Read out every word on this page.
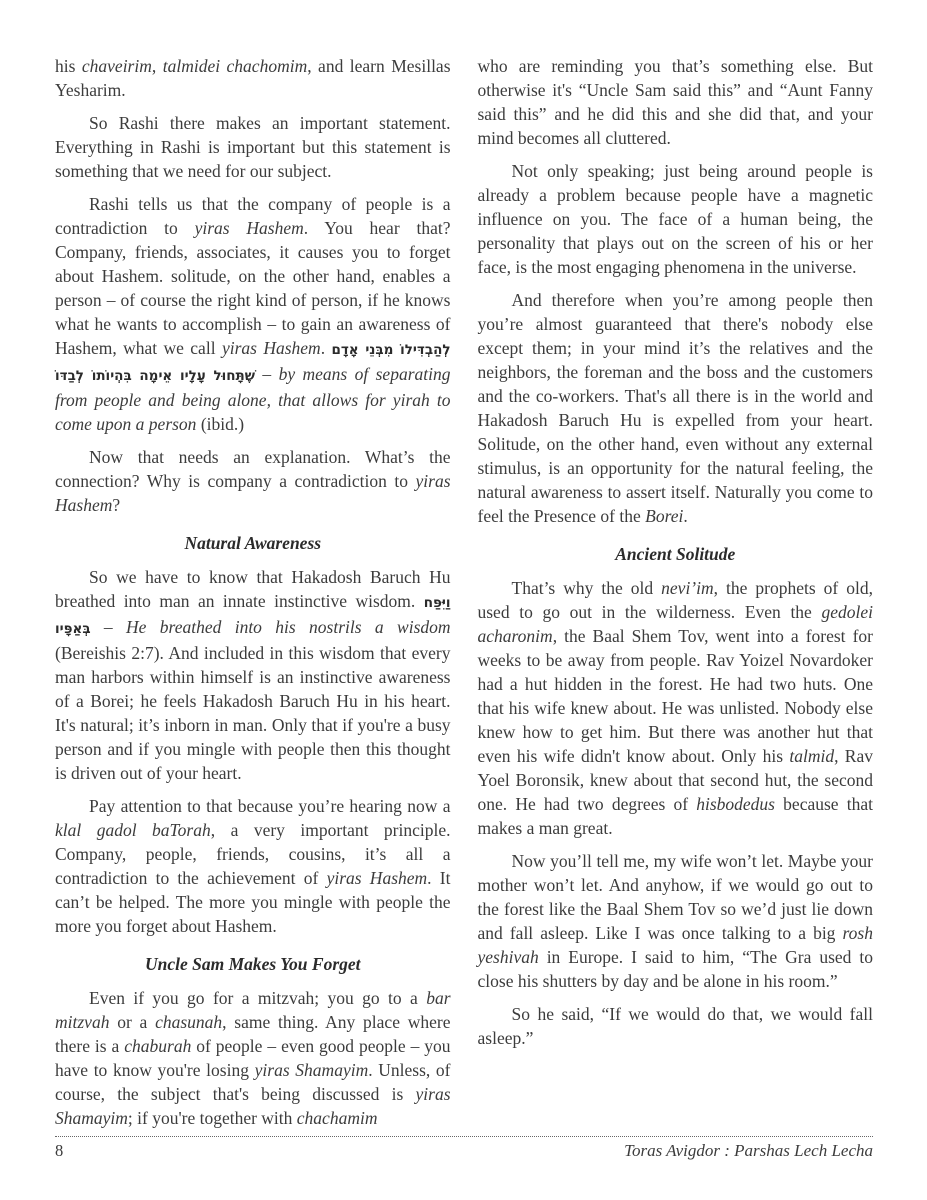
his chaveirim, talmidei chachomim, and learn Mesillas Yesharim.

So Rashi there makes an important statement. Everything in Rashi is important but this statement is something that we need for our subject.

Rashi tells us that the company of people is a contradiction to yiras Hashem. You hear that? Company, friends, associates, it causes you to forget about Hashem. solitude, on the other hand, enables a person – of course the right kind of person, if he knows what he wants to accomplish – to gain an awareness of Hashem, what we call yiras Hashem. לְהַבְדִּילוֹ מִבְּנֵי אָדָם שֶׁתָּחוּל עָלָיו אֵימָה בִּהְיוֹתוֹ לְבַדּוֹ – by means of separating from people and being alone, that allows for yirah to come upon a person (ibid.)

Now that needs an explanation. What’s the connection? Why is company a contradiction to yiras Hashem?

Natural Awareness

So we have to know that Hakadosh Baruch Hu breathed into man an innate instinctive wisdom. וַיִּפַּח בְּאַפָּיו – He breathed into his nostrils a wisdom (Bereishis 2:7). And included in this wisdom that every man harbors within himself is an instinctive awareness of a Borei; he feels Hakadosh Baruch Hu in his heart. It's natural; it’s inborn in man. Only that if you're a busy person and if you mingle with people then this thought is driven out of your heart.

Pay attention to that because you’re hearing now a klal gadol baTorah, a very important principle. Company, people, friends, cousins, it’s all a contradiction to the achievement of yiras Hashem. It can’t be helped. The more you mingle with people the more you forget about Hashem.

Uncle Sam Makes You Forget

Even if you go for a mitzvah; you go to a bar mitzvah or a chasunah, same thing. Any place where there is a chaburah of people – even good people – you have to know you're losing yiras Shamayim. Unless, of course, the subject that's being discussed is yiras Shamayim; if you're together with chachamim

who are reminding you that’s something else. But otherwise it's “Uncle Sam said this” and “Aunt Fanny said this” and he did this and she did that, and your mind becomes all cluttered.

Not only speaking; just being around people is already a problem because people have a magnetic influence on you. The face of a human being, the personality that plays out on the screen of his or her face, is the most engaging phenomena in the universe.

And therefore when you’re among people then you’re almost guaranteed that there's nobody else except them; in your mind it’s the relatives and the neighbors, the foreman and the boss and the customers and the co-workers. That's all there is in the world and Hakadosh Baruch Hu is expelled from your heart. Solitude, on the other hand, even without any external stimulus, is an opportunity for the natural feeling, the natural awareness to assert itself. Naturally you come to feel the Presence of the Borei.

Ancient Solitude

That’s why the old nevi’im, the prophets of old, used to go out in the wilderness. Even the gedolei acharonim, the Baal Shem Tov, went into a forest for weeks to be away from people. Rav Yoizel Novardoker had a hut hidden in the forest. He had two huts. One that his wife knew about. He was unlisted. Nobody else knew how to get him. But there was another hut that even his wife didn't know about. Only his talmid, Rav Yoel Boronsik, knew about that second hut, the second one. He had two degrees of hisbodedus because that makes a man great.

Now you’ll tell me, my wife won’t let. Maybe your mother won’t let. And anyhow, if we would go out to the forest like the Baal Shem Tov so we’d just lie down and fall asleep. Like I was once talking to a big rosh yeshivah in Europe. I said to him, “The Gra used to close his shutters by day and be alone in his room.”

So he said, “If we would do that, we would fall asleep.”

8	Toras Avigdor : Parshas Lech Lecha
